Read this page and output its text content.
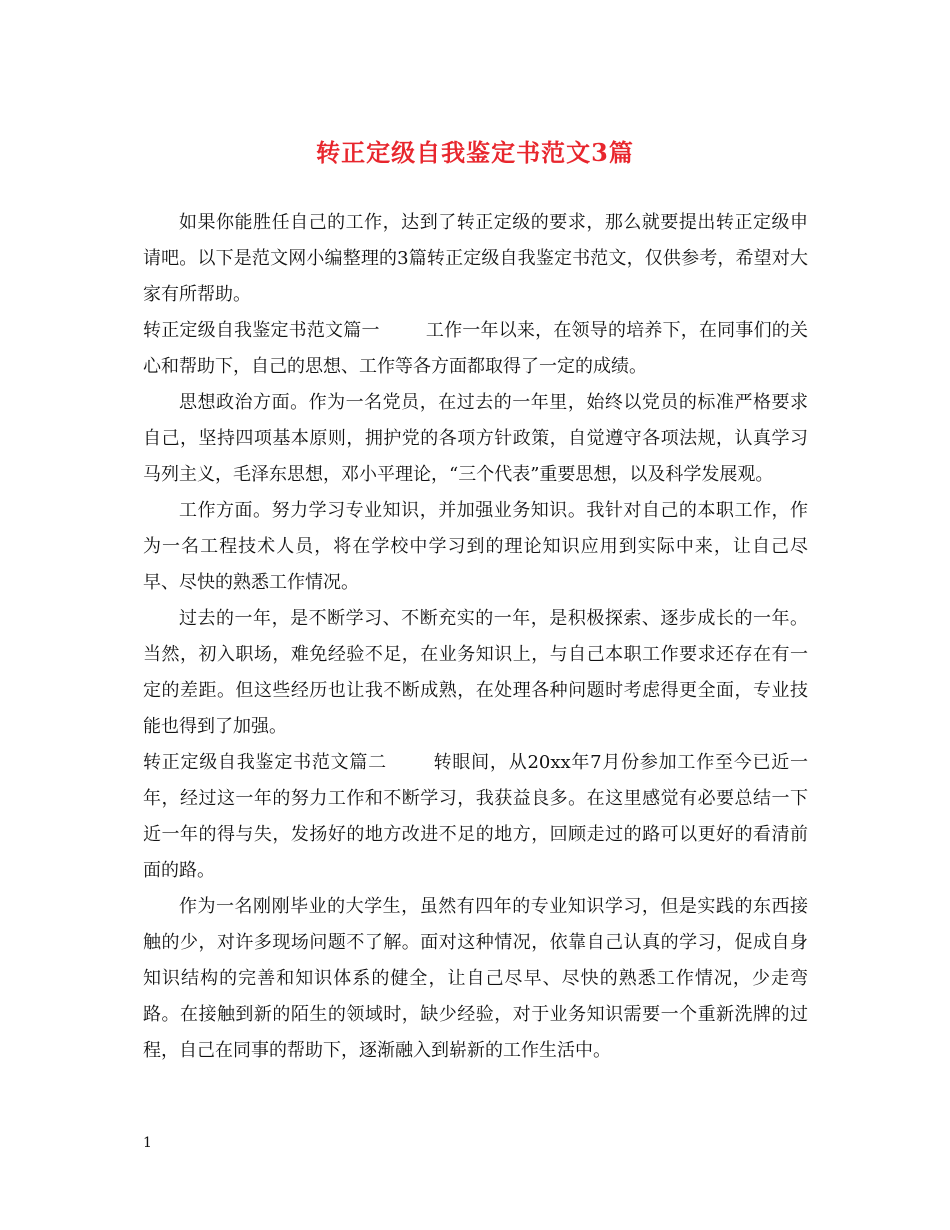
转正定级自我鉴定书范文3篇

如果你能胜任自己的工作，达到了转正定级的要求，那么就要提出转正定级申请吧。以下是范文网小编整理的3篇转正定级自我鉴定书范文，仅供参考，希望对大家有所帮助。

转正定级自我鉴定书范文篇一	工作一年以来，在领导的培养下，在同事们的关心和帮助下，自己的思想、工作等各方面都取得了一定的成绩。

思想政治方面。作为一名党员，在过去的一年里，始终以党员的标准严格要求自己，坚持四项基本原则，拥护党的各项方针政策，自觉遵守各项法规，认真学习马列主义，毛泽东思想，邓小平理论，“三个代表”重要思想，以及科学发展观。

工作方面。努力学习专业知识，并加强业务知识。我针对自己的本职工作，作为一名工程技术人员，将在学校中学习到的理论知识应用到实际中来，让自己尽早、尽快的熟悉工作情况。

过去的一年，是不断学习、不断充实的一年，是积极探索、逐步成长的一年。当然，初入职场，难免经验不足，在业务知识上，与自己本职工作要求还存在有一定的差距。但这些经历也让我不断成熟，在处理各种问题时考虑得更全面，专业技能也得到了加强。

转正定级自我鉴定书范文篇二	转眼间，从20xx年7月份参加工作至今已近一年，经过这一年的努力工作和不断学习，我获益良多。在这里感觉有必要总结一下近一年的得与失，发扬好的地方改进不足的地方，回顾走过的路可以更好的看清前面的路。

作为一名刚刚毕业的大学生，虽然有四年的专业知识学习，但是实践的东西接触的少，对许多现场问题不了解。面对这种情况，依靠自己认真的学习，促成自身知识结构的完善和知识体系的健全，让自己尽早、尽快的熟悉工作情况，少走弯路。在接触到新的陌生的领域时，缺少经验，对于业务知识需要一个重新洗牌的过程，自己在同事的帮助下，逐渐融入到崭新的工作生活中。

1
